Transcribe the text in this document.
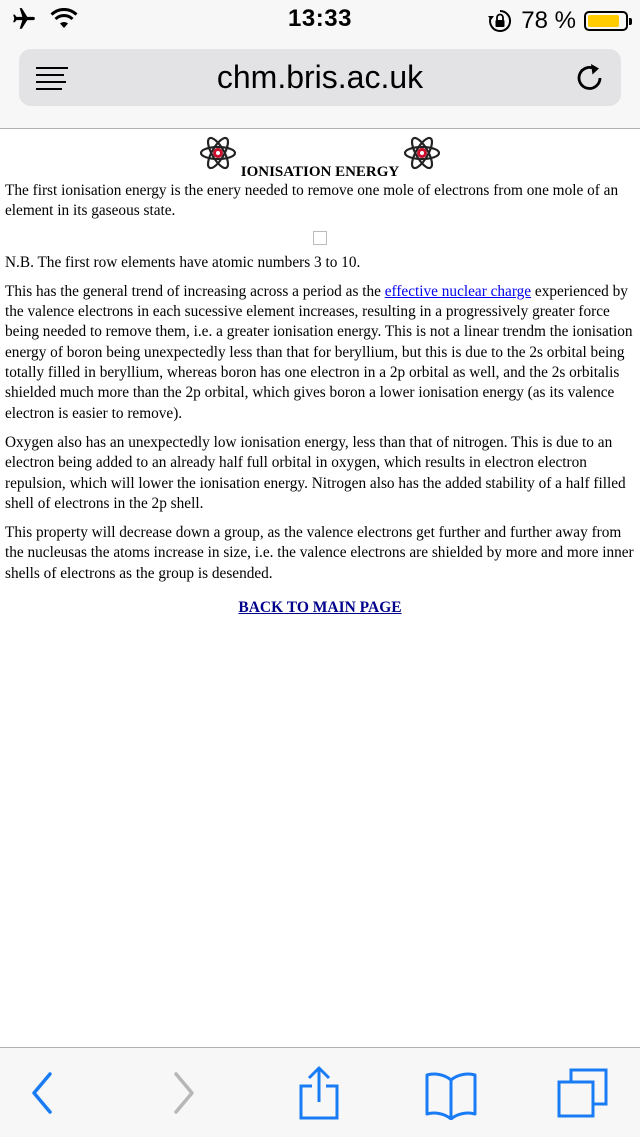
13:33	78 %
chm.bris.ac.uk
IONISATION ENERGY

The first ionisation energy is the enery needed to remove one mole of electrons from one mole of an element in its gaseous state.

N.B. The first row elements have atomic numbers 3 to 10.

This has the general trend of increasing across a period as the effective nuclear charge experienced by the valence electrons in each sucessive element increases, resulting in a progressively greater force being needed to remove them, i.e. a greater ionisation energy. This is not a linear trendm the ionisation energy of boron being unexpectedly less than that for beryllium, but this is due to the 2s orbital being totally filled in beryllium, whereas boron has one electron in a 2p orbital as well, and the 2s orbitalis shielded much more than the 2p orbital, which gives boron a lower ionisation energy (as its valence electron is easier to remove).

Oxygen also has an unexpectedly low ionisation energy, less than that of nitrogen. This is due to an electron being added to an already half full orbital in oxygen, which results in electron electron repulsion, which will lower the ionisation energy. Nitrogen also has the added stability of a half filled shell of electrons in the 2p shell.

This property will decrease down a group, as the valence electrons get further and further away from the nucleusas the atoms increase in size, i.e. the valence electrons are shielded by more and more inner shells of electrons as the group is desended.

BACK TO MAIN PAGE
